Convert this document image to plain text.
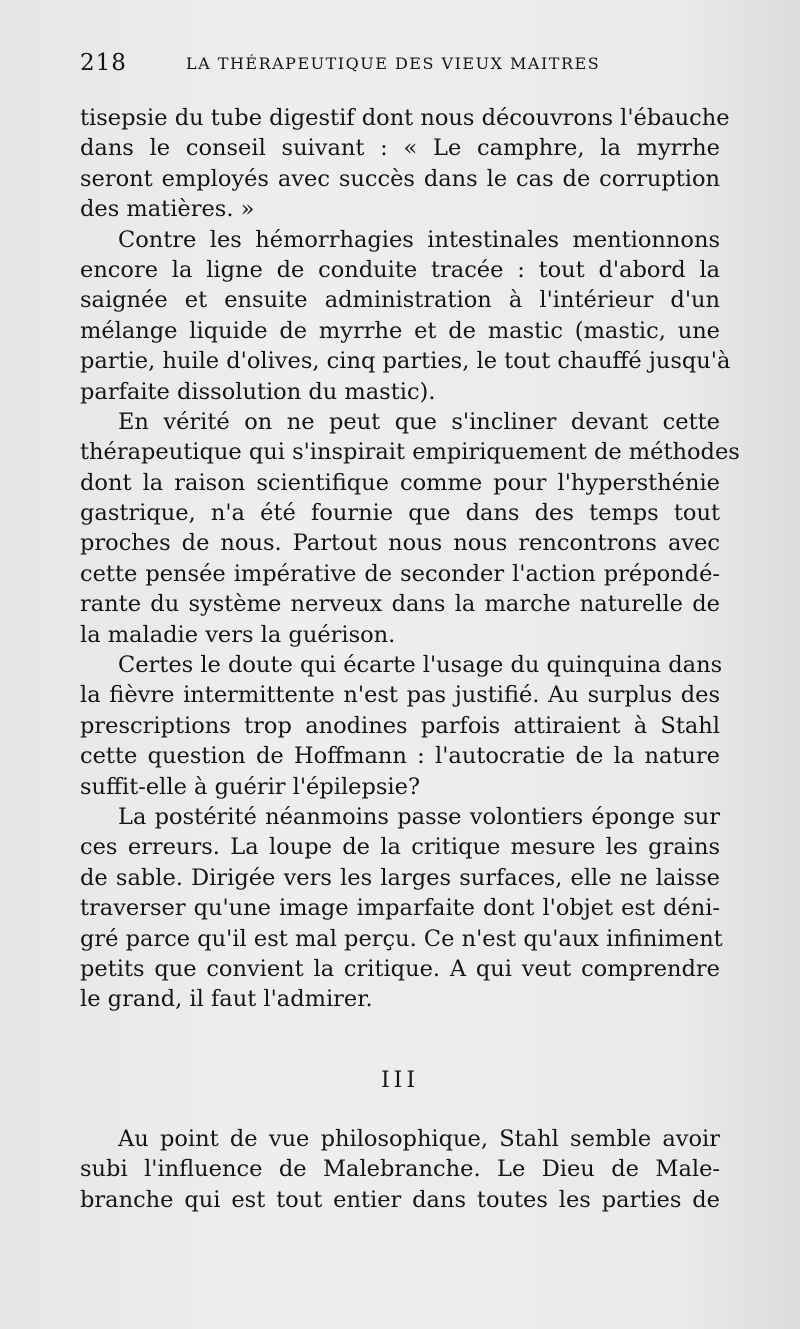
218	LA THÉRAPEUTIQUE DES VIEUX MAITRES
tisepsie du tube digestif dont nous découvrons l'ébauche
dans le conseil suivant : « Le camphre, la myrrhe
seront employés avec succès dans le cas de corruption
des matières. »
Contre les hémorrhagies intestinales mentionnons
encore la ligne de conduite tracée : tout d'abord la
saignée et ensuite administration à l'intérieur d'un
mélange liquide de myrrhe et de mastic (mastic, une
partie, huile d'olives, cinq parties, le tout chauffé jusqu'à
parfaite dissolution du mastic).
En vérité on ne peut que s'incliner devant cette
thérapeutique qui s'inspirait empiriquement de méthodes
dont la raison scientifique comme pour l'hypersthénie
gastrique, n'a été fournie que dans des temps tout
proches de nous. Partout nous nous rencontrons avec
cette pensée impérative de seconder l'action prépondé-
rante du système nerveux dans la marche naturelle de
la maladie vers la guérison.
Certes le doute qui écarte l'usage du quinquina dans
la fièvre intermittente n'est pas justifié. Au surplus des
prescriptions trop anodines parfois attiraient à Stahl
cette question de Hoffmann : l'autocratie de la nature
suffit-elle à guérir l'épilepsie?
La postérité néanmoins passe volontiers éponge sur
ces erreurs. La loupe de la critique mesure les grains
de sable. Dirigée vers les larges surfaces, elle ne laisse
traverser qu'une image imparfaite dont l'objet est déni-
gré parce qu'il est mal perçu. Ce n'est qu'aux infiniment
petits que convient la critique. A qui veut comprendre
le grand, il faut l'admirer.
III
Au point de vue philosophique, Stahl semble avoir
subi l'influence de Malebranche. Le Dieu de Male-
branche qui est tout entier dans toutes les parties de
